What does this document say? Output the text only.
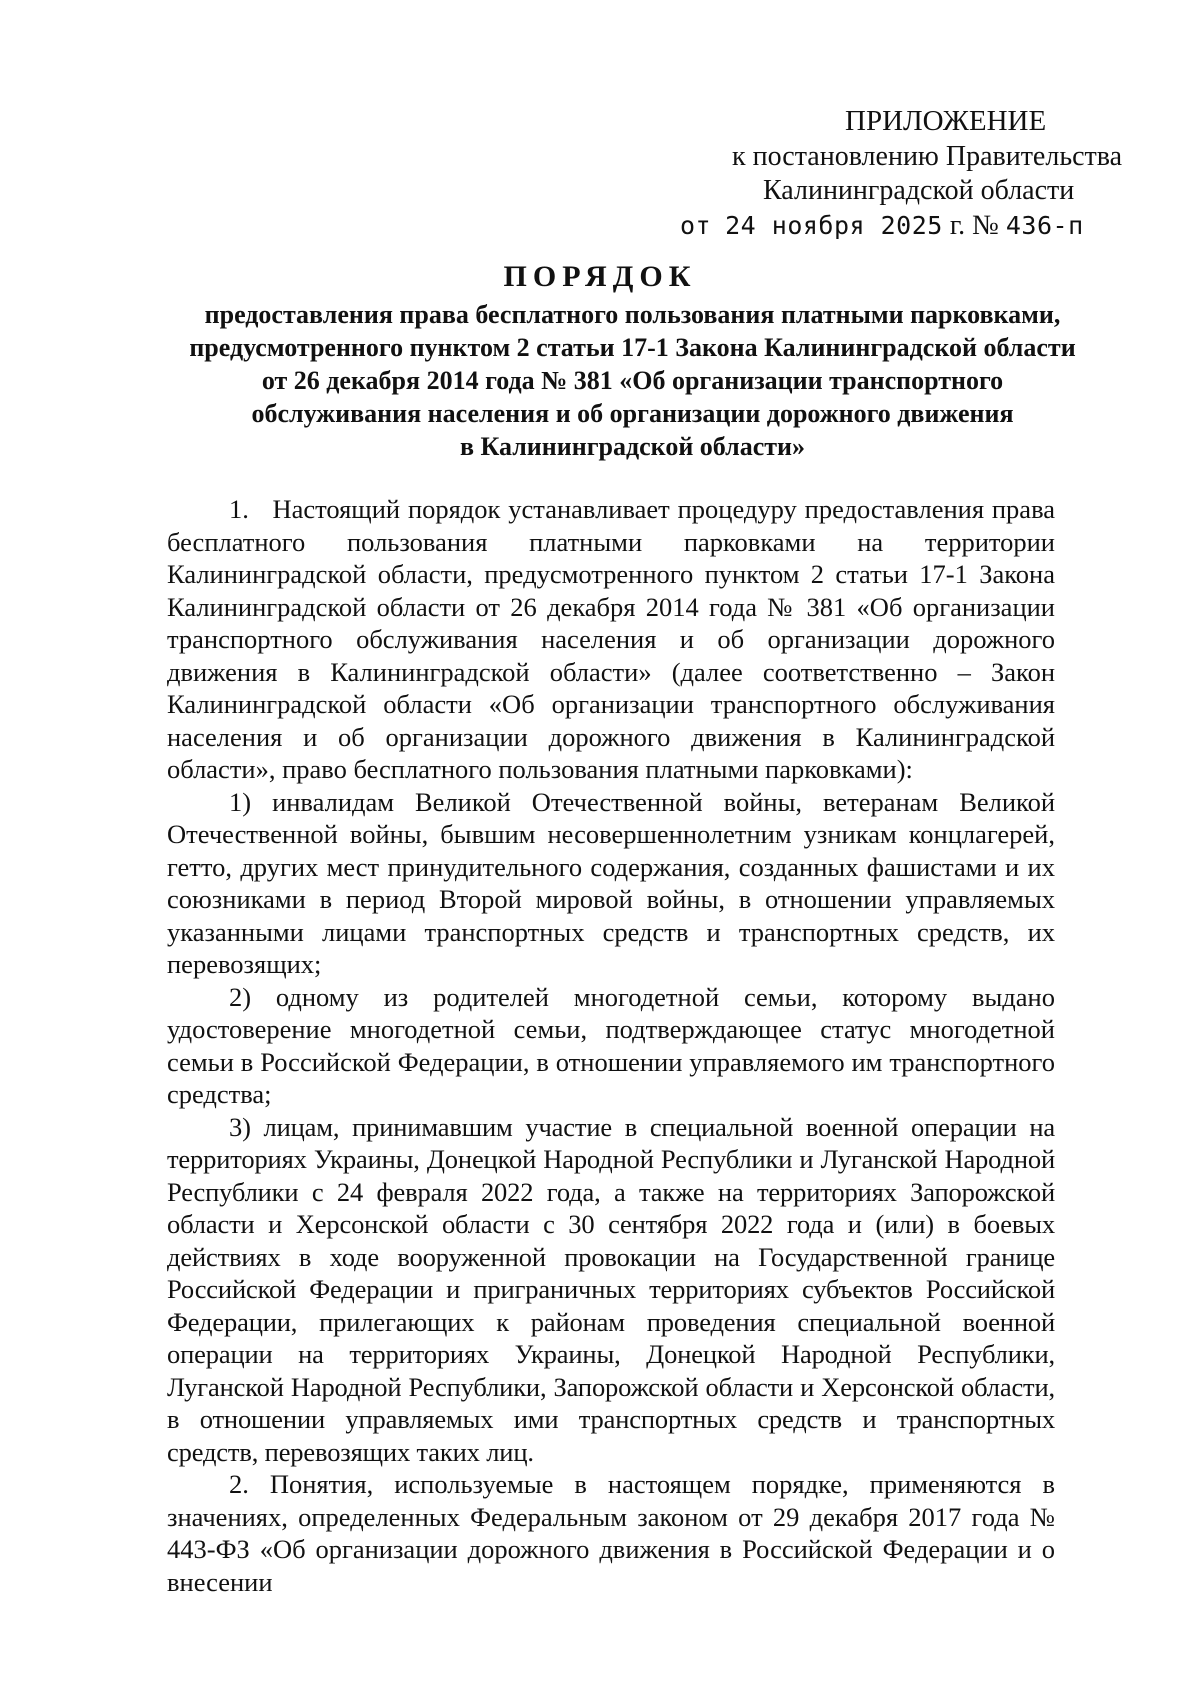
ПРИЛОЖЕНИЕ
к постановлению Правительства
Калининградской области
от 24 ноября 2025 г. № 436-п
ПОРЯДОК
предоставления права бесплатного пользования платными парковками,
предусмотренного пунктом 2 статьи 17-1 Закона Калининградской области
от 26 декабря 2014 года № 381 «Об организации транспортного
обслуживания населения и об организации дорожного движения
в Калининградской области»

1.   Настоящий порядок устанавливает процедуру предоставления права бесплатного пользования платными парковками на территории Калининградской области, предусмотренного пунктом 2 статьи 17-1 Закона Калининградской области от 26 декабря 2014 года № 381 «Об организации транспортного обслуживания населения и об организации дорожного движения в Калининградской области» (далее соответственно – Закон Калининградской области «Об организации транспортного обслуживания населения и об организации дорожного движения в Калининградской области», право бесплатного пользования платными парковками):

1) инвалидам Великой Отечественной войны, ветеранам Великой Отечественной войны, бывшим несовершеннолетним узникам концлагерей, гетто, других мест принудительного содержания, созданных фашистами и их союзниками в период Второй мировой войны, в отношении управляемых указанными лицами транспортных средств и транспортных средств, их перевозящих;

2) одному из родителей многодетной семьи, которому выдано удостоверение многодетной семьи, подтверждающее статус многодетной семьи в Российской Федерации, в отношении управляемого им транспортного средства;

3) лицам, принимавшим участие в специальной военной операции на территориях Украины, Донецкой Народной Республики и Луганской Народной Республики с 24 февраля 2022 года, а также на территориях Запорожской области и Херсонской области с 30 сентября 2022 года и (или) в боевых действиях в ходе вооруженной провокации на Государственной границе Российской Федерации и приграничных территориях субъектов Российской Федерации, прилегающих к районам проведения специальной военной операции на территориях Украины, Донецкой Народной Республики, Луганской Народной Республики, Запорожской области и Херсонской области, в отношении управляемых ими транспортных средств и транспортных средств, перевозящих таких лиц.

2. Понятия, используемые в настоящем порядке, применяются в значениях, определенных Федеральным законом от 29 декабря 2017 года № 443-ФЗ «Об организации дорожного движения в Российской Федерации и о внесении
